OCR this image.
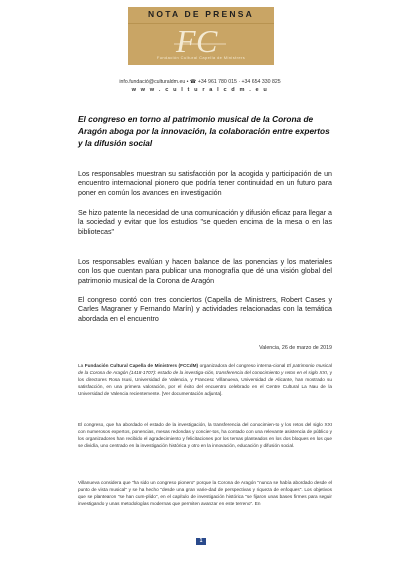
NOTA DE PRENSA
F C
Fundación Cultural Capella de Ministrers
info.fundació@culturaldm.eu • ☎ +34 961 780 015 · +34 654 330 825
w w w . c u l t u r a l c d m . e u
El congreso en torno al patrimonio musical de la Corona de Aragón aboga por la innovación, la colaboración entre expertos y la difusión social
Los responsables muestran su satisfacción por la acogida y participación de un encuentro internacional pionero que podría tener continuidad en un futuro para poner en común los avances en investigación
Se hizo patente la necesidad de una comunicación y difusión eficaz para llegar a la sociedad y evitar que los estudios "se queden encima de la mesa o en las bibliotecas"
Los responsables evalúan y hacen balance de las ponencias y los materiales con los que cuentan para publicar una monografía que dé una visión global del patrimonio musical de la Corona de Aragón
El congreso contó con tres conciertos (Capella de Ministrers, Robert Cases y Carles Magraner y Fernando Marín) y actividades relacionadas con la temática abordada en el encuentro
Valencia, 26 de marzo de 2019
La Fundación Cultural Capella de Ministrers (FCCdM) organizadora del congreso interna-cional El patrimonio musical de la Corona de Aragón (1418-1707): estado de la investiga-ción, transferencia del conocimiento y retos en el siglo XXI, y los directores Rosa Isusi, Universidad de Valencia, y Francesc Villanueva, Universidad de Alicante, han mostrado su satisfacción, en una primera valoración, por el éxito del encuentro celebrado en el Centre Cultural La Nau de la Universidad de Valencia recientemente. [Ver documentación adjunta].
El congreso, que ha abordado el estado de la investigación, la transferencia del conocimien-to y los retos del siglo XXI con numerosos expertos, ponencias, mesas redondas y concier-tos, ha contado con una relevante asistencia de público y los organizadores han recibido el agradecimiento y felicitaciones por los temas planteados en los dos bloques en los que se dividía, uno centrado en la investigación histórica y otro en la innovación, educación y difusión social.
Villanueva considera que "ha sido un congreso pionero" porque la Corona de Aragón "nunca se había abordado desde el punto de vista musical" y se ha hecho "desde una gran varie-dad de perspectivas y riqueza de enfoques". Los objetivos que se plantearon "se han cum-plido", en el capítulo de investigación histórica "se fijaron unas bases firmes para seguir investigando y unas metodologías modernas que permiten avanzar en este terreno". En
1
